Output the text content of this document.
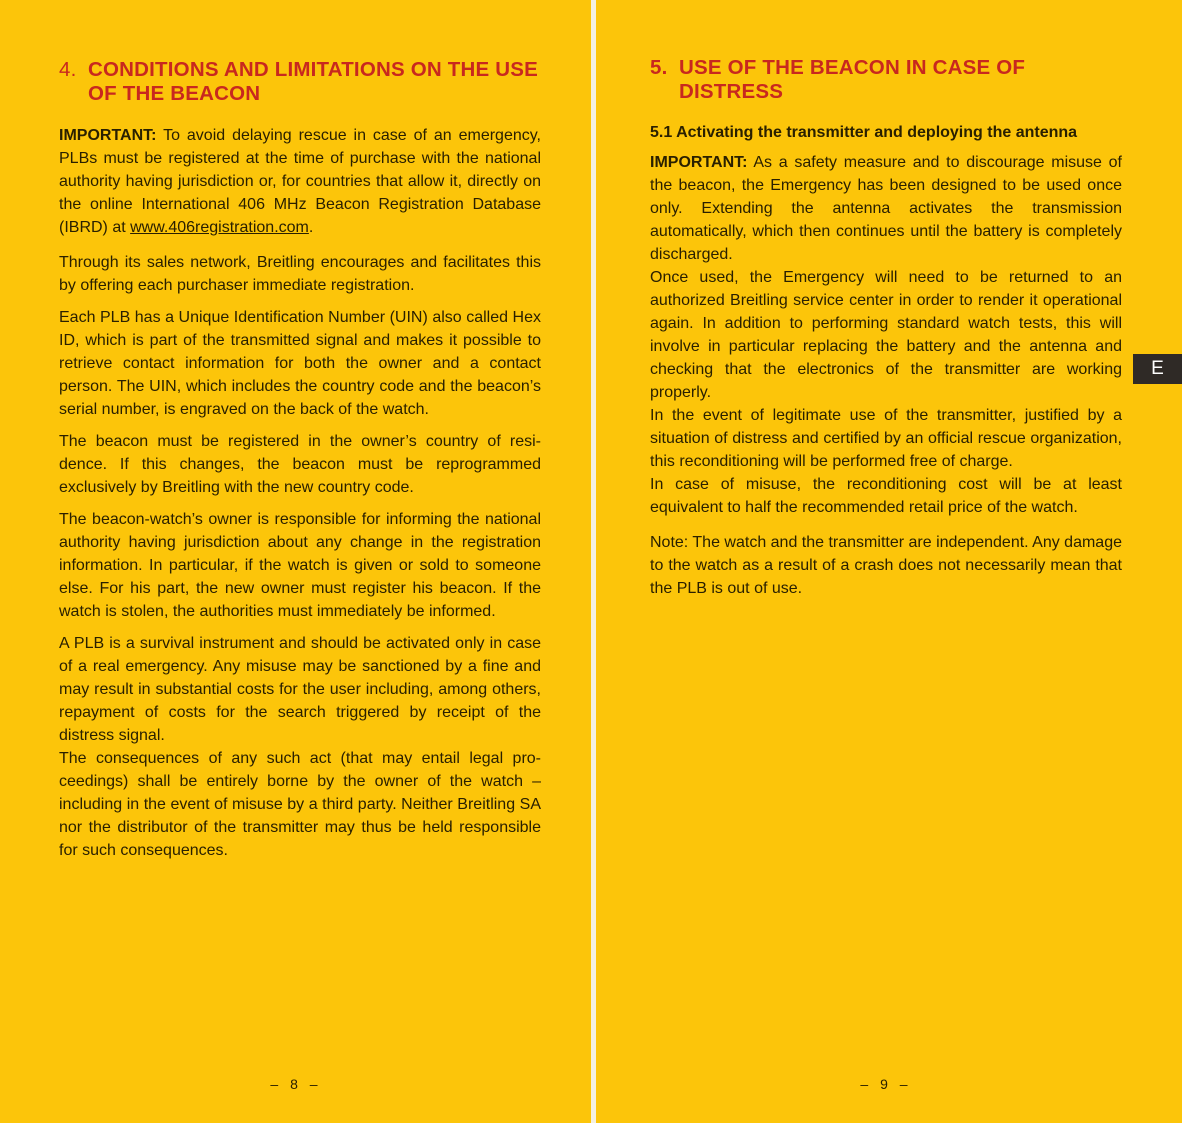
4. CONDITIONS AND LIMITATIONS ON THE USE OF THE BEACON

IMPORTANT: To avoid delaying rescue in case of an emergency, PLBs must be registered at the time of purchase with the national authority having jurisdiction or, for countries that allow it, directly on the online International 406 MHz Beacon Registration Database (IBRD) at www.406registration.com.

Through its sales network, Breitling encourages and facilitates this by offering each purchaser immediate registration.

Each PLB has a Unique Identification Number (UIN) also called Hex ID, which is part of the transmitted signal and makes it possible to retrieve contact information for both the owner and a contact person. The UIN, which includes the country code and the beacon’s serial number, is engraved on the back of the watch.

The beacon must be registered in the owner’s country of resi-dence. If this changes, the beacon must be reprogrammed exclusively by Breitling with the new country code.

The beacon-watch’s owner is responsible for informing the national authority having jurisdiction about any change in the registration information. In particular, if the watch is given or sold to someone else. For his part, the new owner must register his beacon. If the watch is stolen, the authorities must immediately be informed.

A PLB is a survival instrument and should be activated only in case of a real emergency. Any misuse may be sanctioned by a fine and may result in substantial costs for the user including, among others, repayment of costs for the search triggered by receipt of the distress signal.

The consequences of any such act (that may entail legal pro-ceedings) shall be entirely borne by the owner of the watch – including in the event of misuse by a third party. Neither Breitling SA nor the distributor of the transmitter may thus be held responsible for such consequences.

– 8 –
5. USE OF THE BEACON IN CASE OF DISTRESS
5.1 Activating the transmitter and deploying the antenna

IMPORTANT: As a safety measure and to discourage misuse of the beacon, the Emergency has been designed to be used once only. Extending the antenna activates the transmission automatically, which then continues until the battery is completely discharged.

Once used, the Emergency will need to be returned to an authorized Breitling service center in order to render it operational again. In addition to performing standard watch tests, this will involve in particular replacing the battery and the antenna and checking that the electronics of the transmitter are working properly.

In the event of legitimate use of the transmitter, justified by a situation of distress and certified by an official rescue organization, this reconditioning will be performed free of charge.

In case of misuse, the reconditioning cost will be at least equivalent to half the recommended retail price of the watch.

Note: The watch and the transmitter are independent. Any damage to the watch as a result of a crash does not necessarily mean that the PLB is out of use.

– 9 –
E
